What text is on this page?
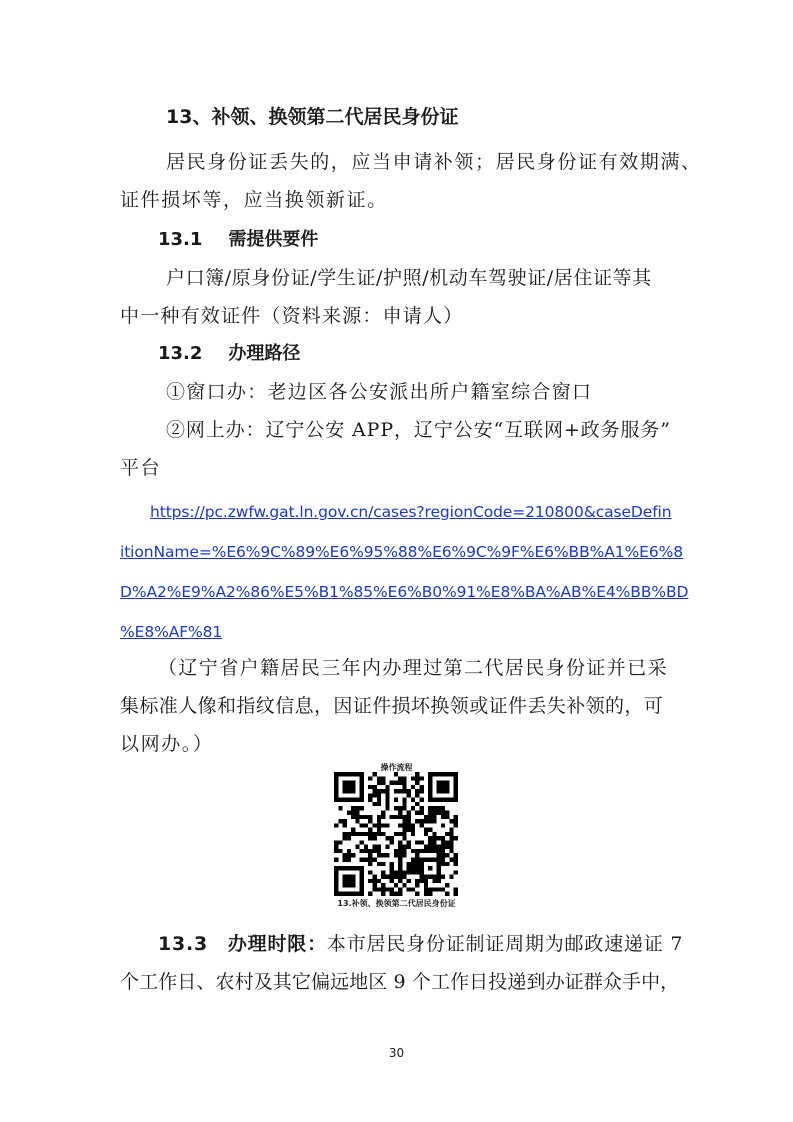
13、补领、换领第二代居民身份证
居民身份证丢失的，应当申请补领；居民身份证有效期满、
证件损坏等，应当换领新证。
13.1 需提供要件
户口簿/原身份证/学生证/护照/机动车驾驶证/居住证等其
中一种有效证件（资料来源：申请人）
13.2 办理路径
①窗口办：老边区各公安派出所户籍室综合窗口
②网上办：辽宁公安 APP，辽宁公安“互联网+政务服务”
平台
https://pc.zwfw.gat.ln.gov.cn/cases?regionCode=210800&caseDefin
itionName=%E6%9C%89%E6%95%88%E6%9C%9F%E6%BB%A1%E6%8
D%A2%E9%A2%86%E5%B1%85%E6%B0%91%E8%BA%AB%E4%BB%BD
%E8%AF%81
（辽宁省户籍居民三年内办理过第二代居民身份证并已采
集标准人像和指纹信息，因证件损坏换领或证件丢失补领的，可
以网办。）
操作流程
13.补领、换领第二代居民身份证
13.3　办理时限：本市居民身份证制证周期为邮政速递证 7
个工作日、农村及其它偏远地区 9 个工作日投递到办证群众手中，
30
